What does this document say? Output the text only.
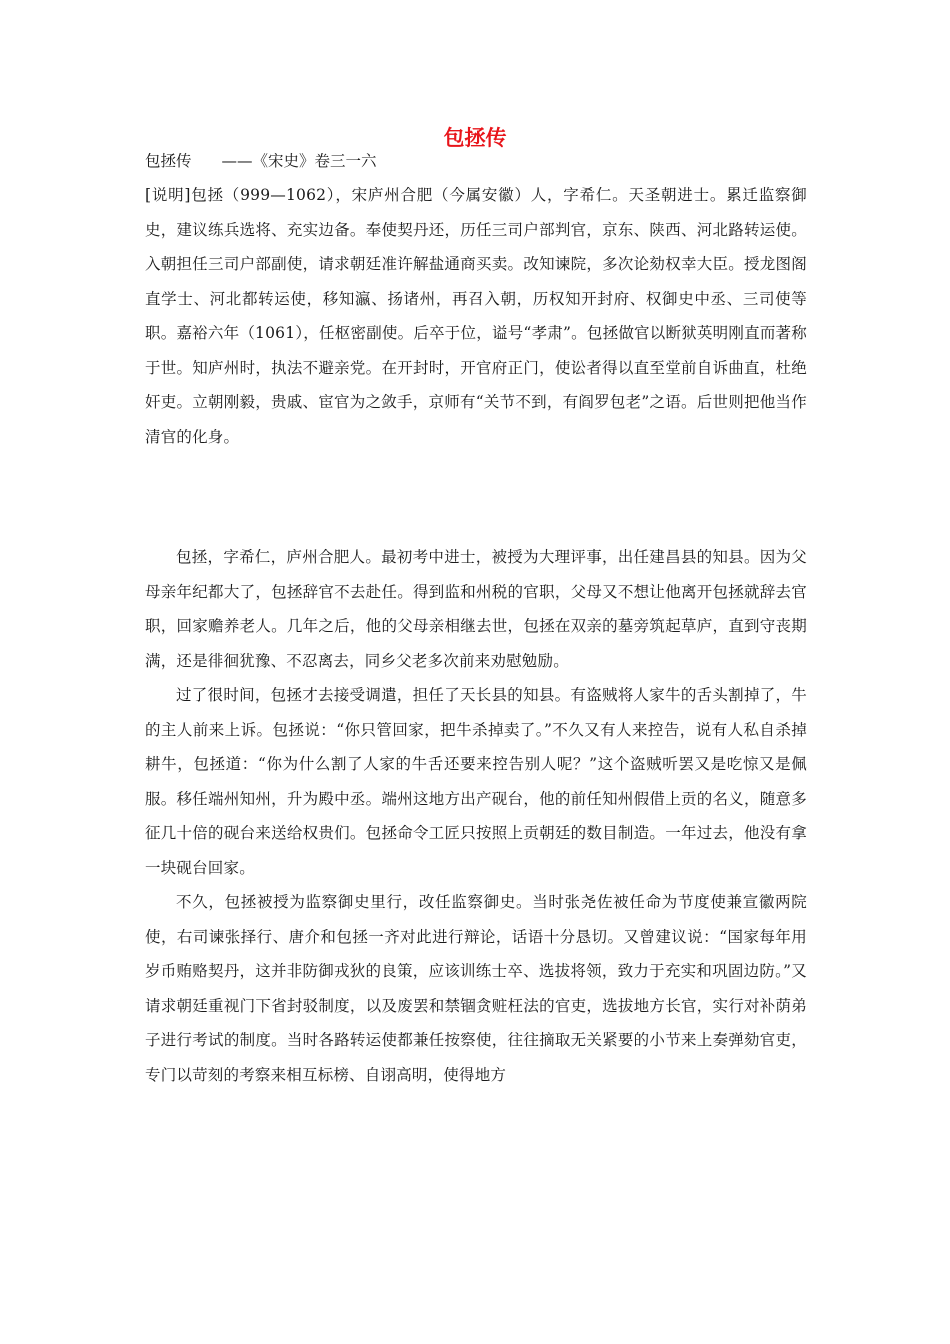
包拯传
包拯传 ——《宋史》卷三一六

[说明]包拯（999—1062），宋庐州合肥（今属安徽）人，字希仁。天圣朝进士。累迁监察御史，建议练兵选将、充实边备。奉使契丹还，历任三司户部判官，京东、陕西、河北路转运使。入朝担任三司户部副使，请求朝廷准许解盐通商买卖。改知谏院，多次论劾权幸大臣。授龙图阁直学士、河北都转运使，移知瀛、扬诸州，再召入朝，历权知开封府、权御史中丞、三司使等职。嘉裕六年（1061），任枢密副使。后卒于位，谥号“孝肃”。包拯做官以断狱英明刚直而著称于世。知庐州时，执法不避亲党。在开封时，开官府正门，使讼者得以直至堂前自诉曲直，杜绝奸吏。立朝刚毅，贵戚、宦官为之敛手，京师有“关节不到，有阎罗包老”之语。后世则把他当作清官的化身。

包拯，字希仁，庐州合肥人。最初考中进士，被授为大理评事，出任建昌县的知县。因为父母亲年纪都大了，包拯辞官不去赴任。得到监和州税的官职，父母又不想让他离开包拯就辞去官职，回家赡养老人。几年之后，他的父母亲相继去世，包拯在双亲的墓旁筑起草庐，直到守丧期满，还是徘徊犹豫、不忍离去，同乡父老多次前来劝慰勉励。

过了很时间，包拯才去接受调遣，担任了天长县的知县。有盗贼将人家牛的舌头割掉了，牛的主人前来上诉。包拯说：“你只管回家，把牛杀掉卖了。”不久又有人来控告，说有人私自杀掉耕牛，包拯道：“你为什么割了人家的牛舌还要来控告别人呢？”这个盗贼听罢又是吃惊又是佩服。移任端州知州，升为殿中丞。端州这地方出产砚台，他的前任知州假借上贡的名义，随意多征几十倍的砚台来送给权贵们。包拯命令工匠只按照上贡朝廷的数目制造。一年过去，他没有拿一块砚台回家。

不久，包拯被授为监察御史里行，改任监察御史。当时张尧佐被任命为节度使兼宣徽两院使，右司谏张择行、唐介和包拯一齐对此进行辩论，话语十分恳切。又曾建议说：“国家每年用岁币贿赂契丹，这并非防御戎狄的良策，应该训练士卒、选拔将领，致力于充实和巩固边防。”又请求朝廷重视门下省封驳制度，以及废罢和禁锢贪赃枉法的官吏，选拔地方长官，实行对补荫弟子进行考试的制度。当时各路转运使都兼任按察使，往往摘取无关紧要的小节来上奏弹劾官吏，专门以苛刻的考察来相互标榜、自诩高明，使得地方
